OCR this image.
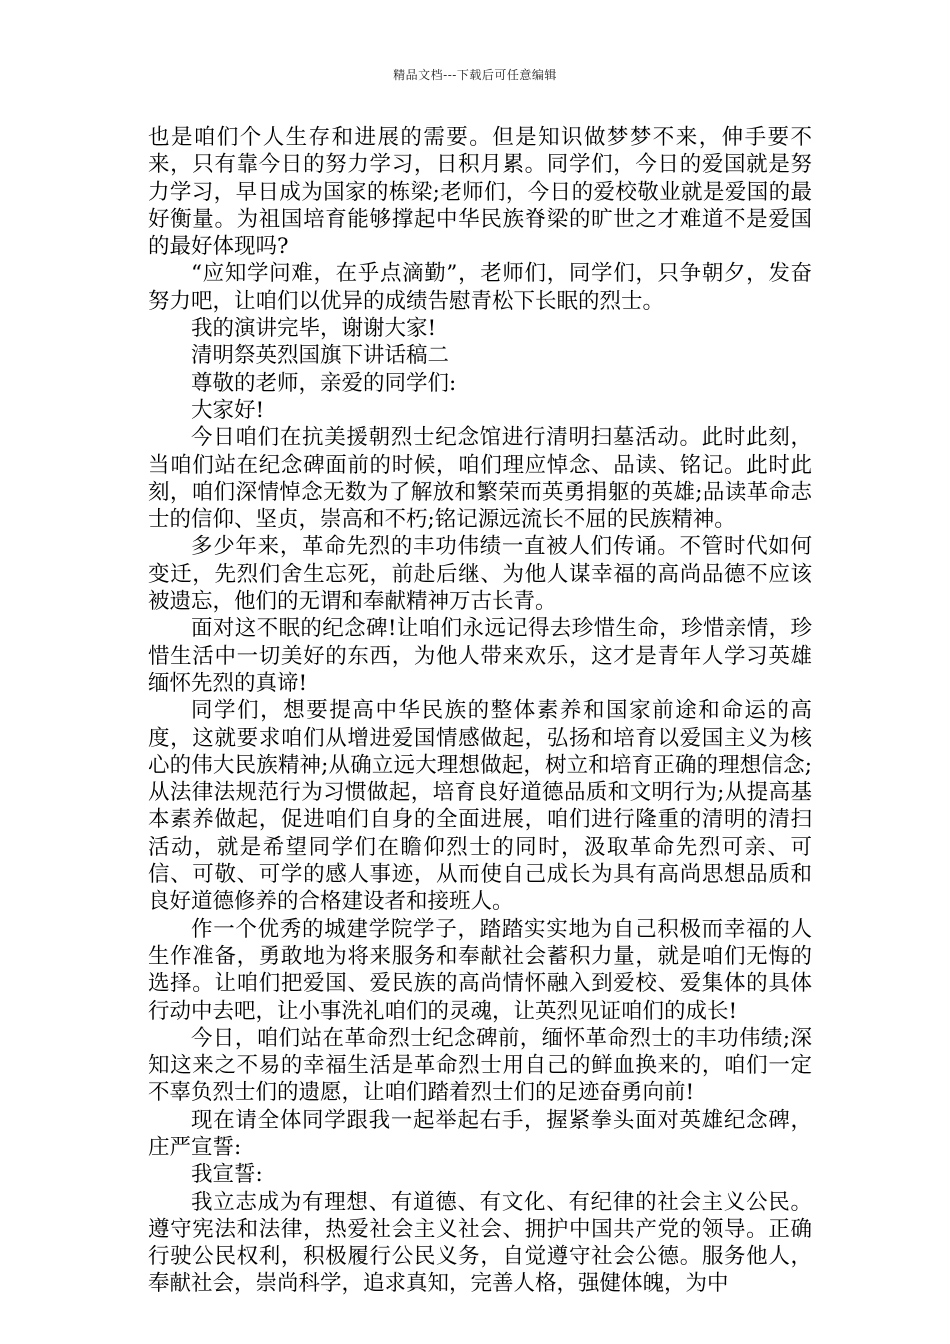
精品文档---下载后可任意编辑

也是咱们个人生存和进展的需要。但是知识做梦梦不来，伸手要不来，只有靠今日的努力学习，日积月累。同学们，今日的爱国就是努力学习，早日成为国家的栋梁;老师们，今日的爱校敬业就是爱国的最好衡量。为祖国培育能够撑起中华民族脊梁的旷世之才难道不是爱国的最好体现吗?

“应知学问难，在乎点滴勤”，老师们，同学们，只争朝夕，发奋努力吧，让咱们以优异的成绩告慰青松下长眠的烈士。

我的演讲完毕，谢谢大家!

清明祭英烈国旗下讲话稿二

尊敬的老师，亲爱的同学们:

大家好!

今日咱们在抗美援朝烈士纪念馆进行清明扫墓活动。此时此刻，当咱们站在纪念碑面前的时候，咱们理应悼念、品读、铭记。此时此刻，咱们深情悼念无数为了解放和繁荣而英勇捐躯的英雄;品读革命志士的信仰、坚贞，崇高和不朽;铭记源远流长不屈的民族精神。

多少年来，革命先烈的丰功伟绩一直被人们传诵。不管时代如何变迁，先烈们舍生忘死，前赴后继、为他人谋幸福的高尚品德不应该被遗忘，他们的无谓和奉献精神万古长青。

面对这不眠的纪念碑!让咱们永远记得去珍惜生命，珍惜亲情，珍惜生活中一切美好的东西，为他人带来欢乐，这才是青年人学习英雄缅怀先烈的真谛!

同学们，想要提高中华民族的整体素养和国家前途和命运的高度，这就要求咱们从增进爱国情感做起，弘扬和培育以爱国主义为核心的伟大民族精神;从确立远大理想做起，树立和培育正确的理想信念;从法律法规范行为习惯做起，培育良好道德品质和文明行为;从提高基本素养做起，促进咱们自身的全面进展，咱们进行隆重的清明的清扫活动，就是希望同学们在瞻仰烈士的同时，汲取革命先烈可亲、可信、可敬、可学的感人事迹，从而使自己成长为具有高尚思想品质和良好道德修养的合格建设者和接班人。

作一个优秀的城建学院学子，踏踏实实地为自己积极而幸福的人生作准备，勇敢地为将来服务和奉献社会蓄积力量，就是咱们无悔的选择。让咱们把爱国、爱民族的高尚情怀融入到爱校、爱集体的具体行动中去吧，让小事洗礼咱们的灵魂，让英烈见证咱们的成长!

今日，咱们站在革命烈士纪念碑前，缅怀革命烈士的丰功伟绩;深知这来之不易的幸福生活是革命烈士用自己的鲜血换来的，咱们一定不辜负烈士们的遗愿，让咱们踏着烈士们的足迹奋勇向前!

现在请全体同学跟我一起举起右手，握紧拳头面对英雄纪念碑，庄严宣誓:

我宣誓:

我立志成为有理想、有道德、有文化、有纪律的社会主义公民。遵守宪法和法律，热爱社会主义社会、拥护中国共产党的领导。正确行驶公民权利，积极履行公民义务，自觉遵守社会公德。服务他人，奉献社会，崇尚科学，追求真知，完善人格，强健体魄，为中
